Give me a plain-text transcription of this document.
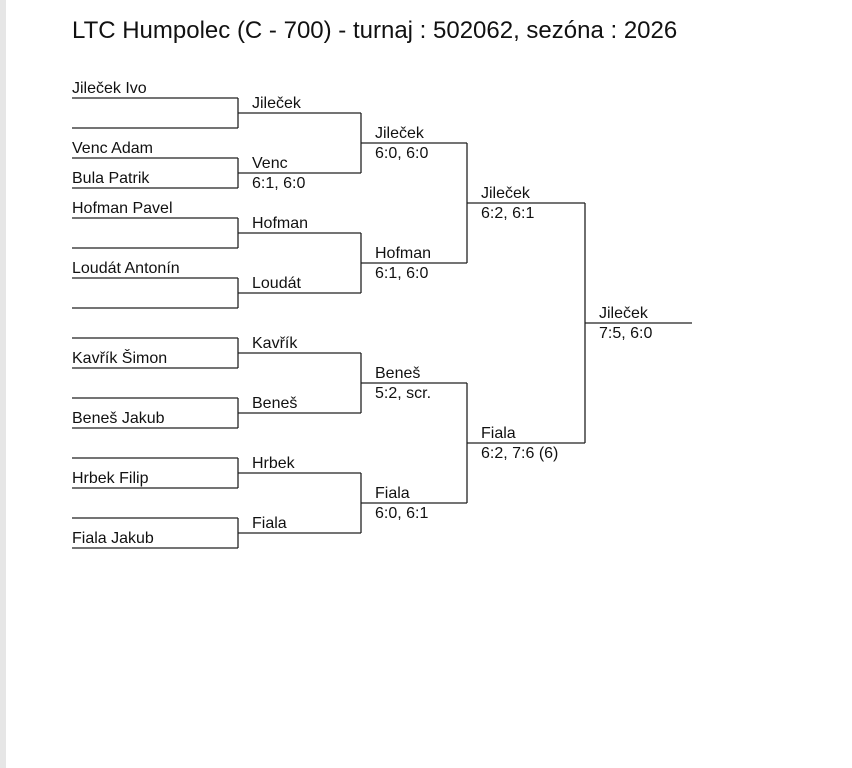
LTC Humpolec (C - 700) - turnaj : 502062, sezóna : 2026
Jileček Ivo
Venc Adam
Bula Patrik
Hofman Pavel
Loudát Antonín
Kavřík Šimon
Beneš Jakub
Hrbek Filip
Fiala Jakub
Jileček
Venc
6:1, 6:0
Hofman
Loudát
Kavřík
Beneš
Hrbek
Fiala
Jileček
6:0, 6:0
Hofman
6:1, 6:0
Beneš
5:2, scr.
Fiala
6:0, 6:1
Jileček
6:2, 6:1
Fiala
6:2, 7:6 (6)
Jileček
7:5, 6:0
